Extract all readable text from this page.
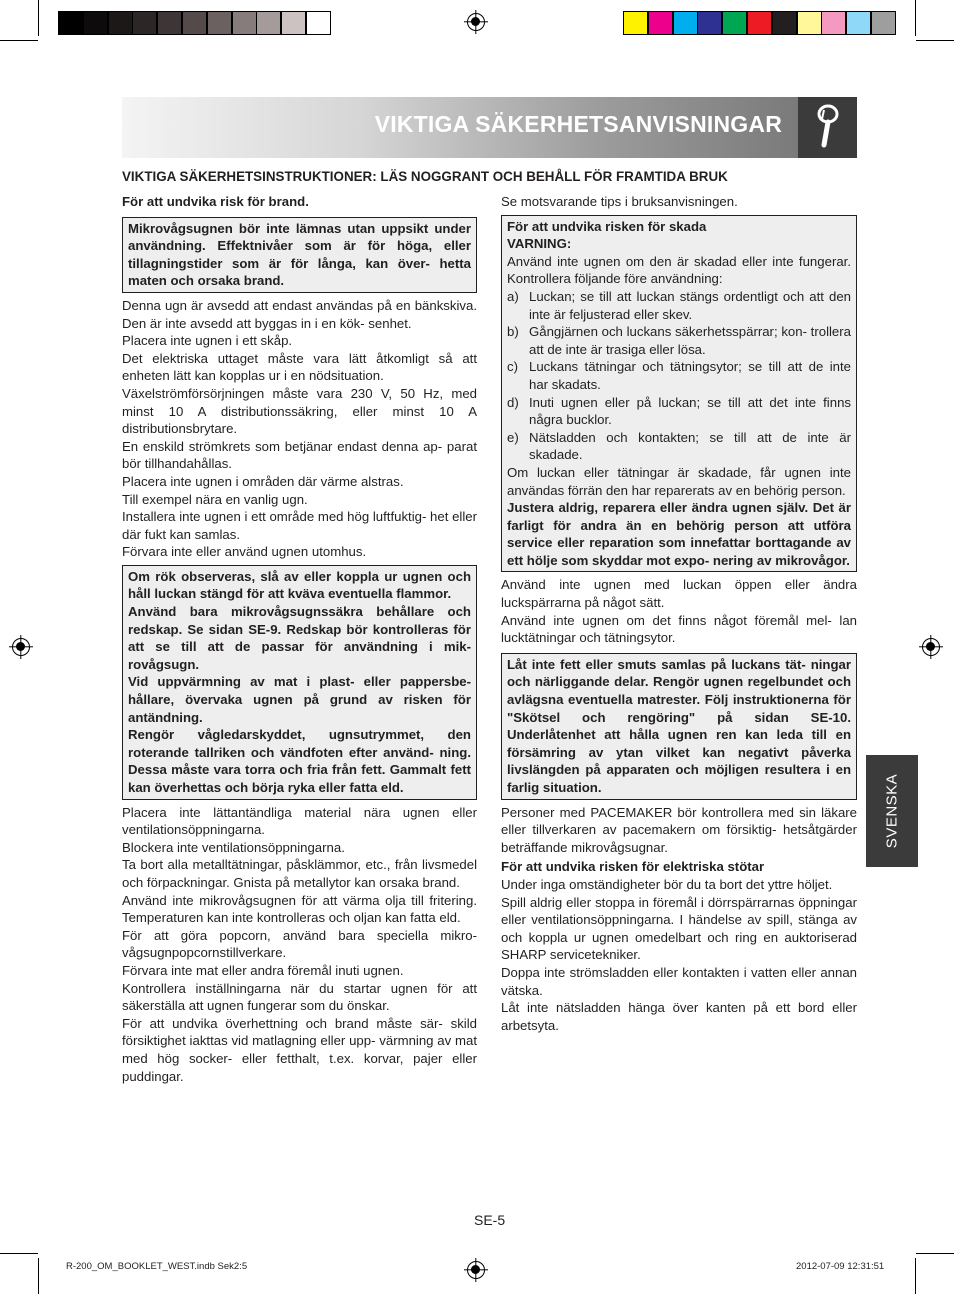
VIKTIGA SÄKERHETSANVISNINGAR
VIKTIGA SÄKERHETSINSTRUKTIONER: LÄS NOGGRANT OCH BEHÅLL FÖR FRAMTIDA BRUK

För att undvika risk för brand.

Mikrovågsugnen bör inte lämnas utan uppsikt under användning. Effektnivåer som är för höga, eller tillagningstider som är för långa, kan över- hetta maten och orsaka brand.

Denna ugn är avsedd att endast användas på en bänkskiva. Den är inte avsedd att byggas in i en kök- senhet.

Placera inte ugnen i ett skåp.

Det elektriska uttaget måste vara lätt åtkomligt så att enheten lätt kan kopplas ur i en nödsituation.

Växelströmförsörjningen måste vara 230 V, 50 Hz, med minst 10 A distributionssäkring, eller minst 10 A distributionsbrytare.

En enskild strömkrets som betjänar endast denna ap- parat bör tillhandahållas.

Placera inte ugnen i områden där värme alstras.

Till exempel nära en vanlig ugn.

Installera inte ugnen i ett område med hög luftfuktig- het eller där fukt kan samlas.

Förvara inte eller använd ugnen utomhus.

Om rök observeras, slå av eller koppla ur ugnen och håll luckan stängd för att kväva eventuella flammor.

Använd bara mikrovågsugnssäkra behållare och redskap. Se sidan SE-9. Redskap bör kontrolleras för att se till att de passar för användning i mik- rovågsugn.

Vid uppvärmning av mat i plast- eller pappersbe- hållare, övervaka ugnen på grund av risken för antändning.

Rengör vågledarskyddet, ugnsutrymmet, den roterande tallriken och vändfoten efter använd- ning. Dessa måste vara torra och fria från fett. Gammalt fett kan överhettas och börja ryka eller fatta eld.

Placera inte lättantändliga material nära ugnen eller ventilationsöppningarna.

Blockera inte ventilationsöppningarna.

Ta bort alla metalltätningar, påsklämmor, etc., från livsmedel och förpackningar. Gnista på metallytor kan orsaka brand.

Använd inte mikrovågsugnen för att värma olja till fritering. Temperaturen kan inte kontrolleras och oljan kan fatta eld.

För att göra popcorn, använd bara speciella mikro- vågsugnpopcornstillverkare.

Förvara inte mat eller andra föremål inuti ugnen.

Kontrollera inställningarna när du startar ugnen för att säkerställa att ugnen fungerar som du önskar.

För att undvika överhettning och brand måste sär- skild försiktighet iakttas vid matlagning eller upp- värmning av mat med hög socker- eller fetthalt, t.ex. korvar, pajer eller puddingar.

Se motsvarande tips i bruksanvisningen.

För att undvika risken för skada

VARNING:

Använd inte ugnen om den är skadad eller inte fungerar. Kontrollera följande före användning:

a) Luckan; se till att luckan stängs ordentligt och att den inte är feljusterad eller skev.
b) Gångjärnen och luckans säkerhetsspärrar; kon- trollera att de inte är trasiga eller lösa.
c) Luckans tätningar och tätningsytor; se till att de inte har skadats.
d) Inuti ugnen eller på luckan; se till att det inte finns några bucklor.
e) Nätsladden och kontakten; se till att de inte är skadade.

Om luckan eller tätningar är skadade, får ugnen inte användas förrän den har reparerats av en behörig person.

Justera aldrig, reparera eller ändra ugnen själv. Det är farligt för andra än en behörig person att utföra service eller reparation som innefattar borttagande av ett hölje som skyddar mot expo- nering av mikrovågor.

Använd inte ugnen med luckan öppen eller ändra luckspärrarna på något sätt.

Använd inte ugnen om det finns något föremål mel- lan lucktätningar och tätningsytor.

Låt inte fett eller smuts samlas på luckans tät- ningar och närliggande delar. Rengör ugnen regelbundet och avlägsna eventuella matrester. Följ instruktionerna för "Skötsel och rengöring" på sidan SE-10. Underlåtenhet att hålla ugnen ren kan leda till en försämring av ytan vilket kan negativt påverka livslängden på apparaten och möjligen resultera i en farlig situation.

Personer med PACEMAKER bör kontrollera med sin läkare eller tillverkaren av pacemakern om försiktig- hetsåtgärder beträffande mikrovågsugnar.

För att undvika risken för elektriska stötar

Under inga omständigheter bör du ta bort det yttre höljet.

Spill aldrig eller stoppa in föremål i dörrspärrarnas öppningar eller ventilationsöppningarna. I händelse av spill, stänga av och koppla ur ugnen omedelbart och ring en auktoriserad SHARP servicetekniker.

Doppa inte strömsladden eller kontakten i vatten eller annan vätska.

Låt inte nätsladden hänga över kanten på ett bord eller arbetsyta.

SVENSKA
SE-5
R-200_OM_BOOKLET_WEST.indb Sek2:5	2012-07-09 12:31:51
